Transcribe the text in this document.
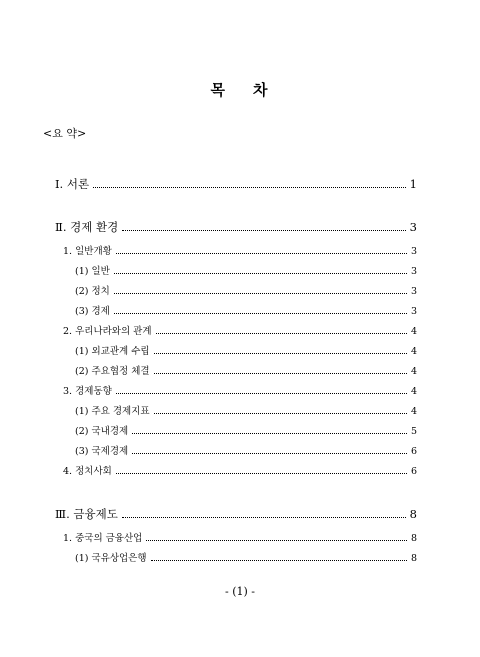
목 차
<요 약>
Ⅰ. 서론	1
Ⅱ. 경제 환경	3
1. 일반개황	3
(1) 일반	3
(2) 정치	3
(3) 경제	3
2. 우리나라와의 관계	4
(1) 외교관계 수립	4
(2) 주요협정 체결	4
3. 경제동향	4
(1) 주요 경제지표	4
(2) 국내경제	5
(3) 국제경제	6
4. 정치사회	6
Ⅲ. 금융제도	8
1. 중국의 금융산업	8
(1) 국유상업은행	8
- (1) -
